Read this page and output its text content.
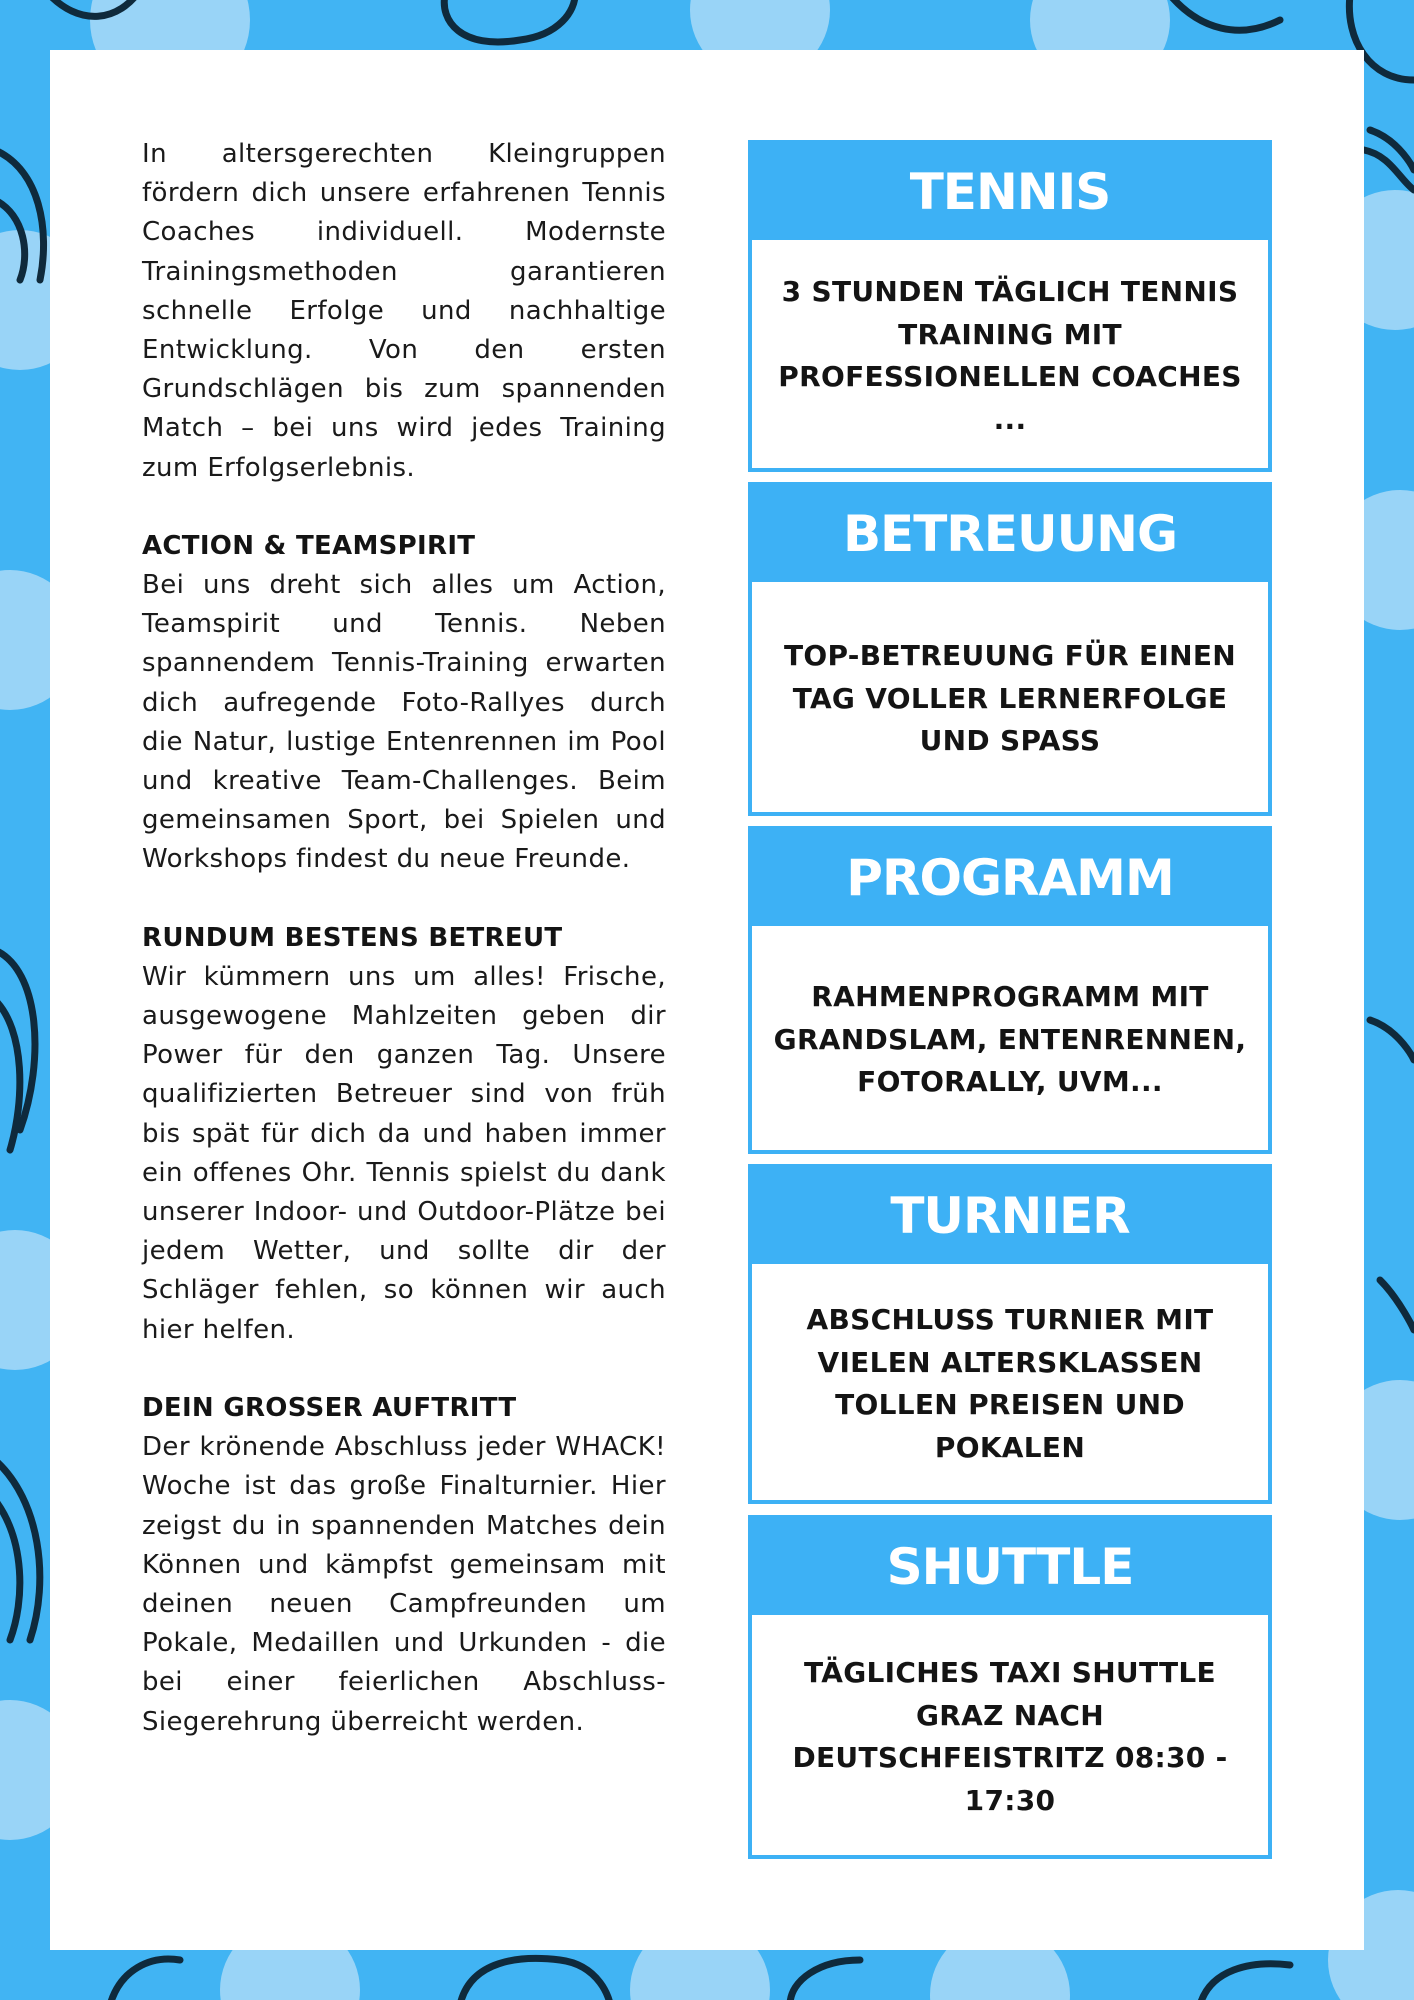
In altersgerechten Kleingruppen fördern dich unsere erfahrenen Tennis Coaches individuell. Modernste Trainingsmethoden garantieren schnelle Erfolge und nachhaltige Entwicklung. Von den ersten Grundschlägen bis zum spannenden Match – bei uns wird jedes Training zum Erfolgserlebnis.

ACTION & TEAMSPIRIT

Bei uns dreht sich alles um Action, Teamspirit und Tennis. Neben spannendem Tennis-Training erwarten dich aufregende Foto-Rallyes durch die Natur, lustige Entenrennen im Pool und kreative Team-Challenges. Beim gemeinsamen Sport, bei Spielen und Workshops findest du neue Freunde.

RUNDUM BESTENS BETREUT

Wir kümmern uns um alles! Frische, ausgewogene Mahlzeiten geben dir Power für den ganzen Tag. Unsere qualifizierten Betreuer sind von früh bis spät für dich da und haben immer ein offenes Ohr. Tennis spielst du dank unserer Indoor- und Outdoor-Plätze bei jedem Wetter, und sollte dir der Schläger fehlen, so können wir auch hier helfen.

DEIN GROSSER AUFTRITT

Der krönende Abschluss jeder WHACK! Woche ist das große Finalturnier. Hier zeigst du in spannenden Matches dein Können und kämpfst gemeinsam mit deinen neuen Campfreunden um Pokale, Medaillen und Urkunden - die bei einer feierlichen Abschluss-Siegerehrung überreicht werden.

TENNIS
3 STUNDEN TÄGLICH TENNIS TRAINING MIT PROFESSIONELLEN COACHES ...
BETREUUNG
TOP-BETREUUNG FÜR EINEN TAG VOLLER LERNERFOLGE UND SPASS
PROGRAMM
RAHMENPROGRAMM MIT GRANDSLAM, ENTENRENNEN, FOTORALLY, UVM...
TURNIER
ABSCHLUSS TURNIER MIT VIELEN ALTERSKLASSEN TOLLEN PREISEN UND POKALEN
SHUTTLE
TÄGLICHES TAXI SHUTTLE GRAZ NACH DEUTSCHFEISTRITZ 08:30 - 17:30
